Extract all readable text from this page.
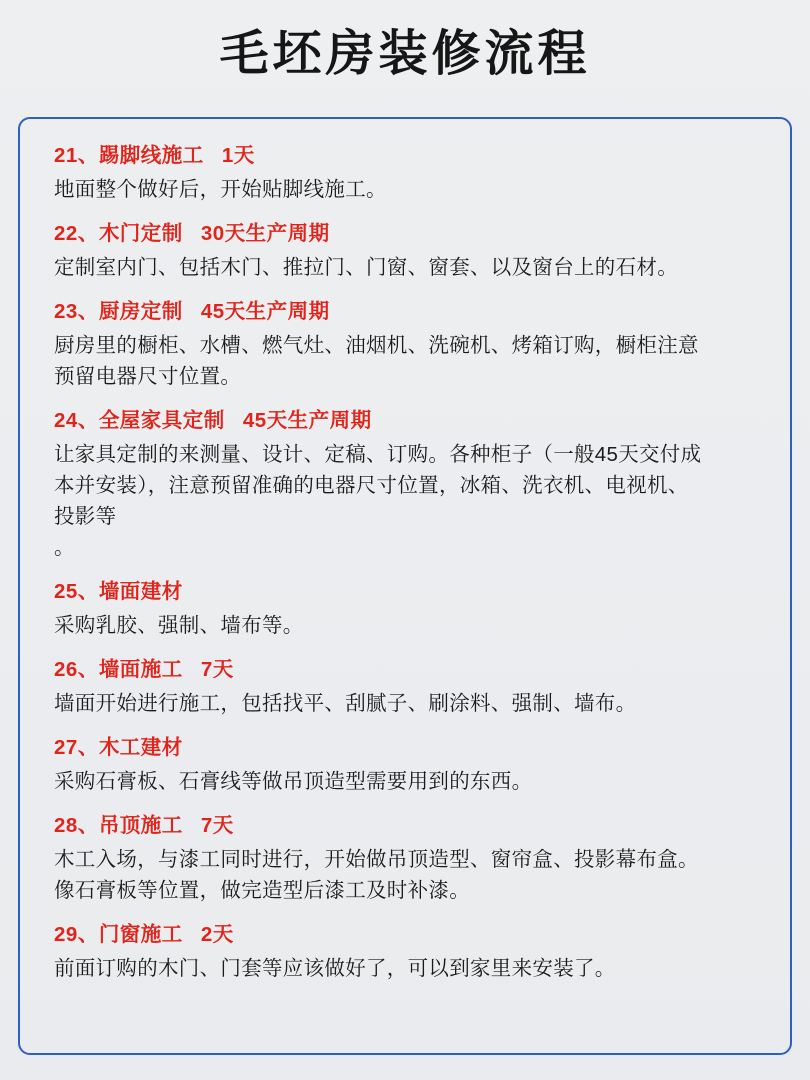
毛坯房装修流程
21、踢脚线施工 1天
地面整个做好后，开始贴脚线施工。
22、木门定制 30天生产周期
定制室内门、包括木门、推拉门、门窗、窗套、以及窗台上的石材。
23、厨房定制 45天生产周期
厨房里的橱柜、水槽、燃气灶、油烟机、洗碗机、烤箱订购，橱柜注意
预留电器尺寸位置。
24、全屋家具定制 45天生产周期
让家具定制的来测量、设计、定稿、订购。各种柜子（一般45天交付成
本并安装），注意预留准确的电器尺寸位置，冰箱、洗衣机、电视机、
投影等
。
25、墙面建材
采购乳胶、强制、墙布等。
26、墙面施工 7天
墙面开始进行施工，包括找平、刮腻子、刷涂料、强制、墙布。
27、木工建材
采购石膏板、石膏线等做吊顶造型需要用到的东西。
28、吊顶施工 7天
木工入场，与漆工同时进行，开始做吊顶造型、窗帘盒、投影幕布盒。
像石膏板等位置，做完造型后漆工及时补漆。
29、门窗施工 2天
前面订购的木门、门套等应该做好了，可以到家里来安装了。
